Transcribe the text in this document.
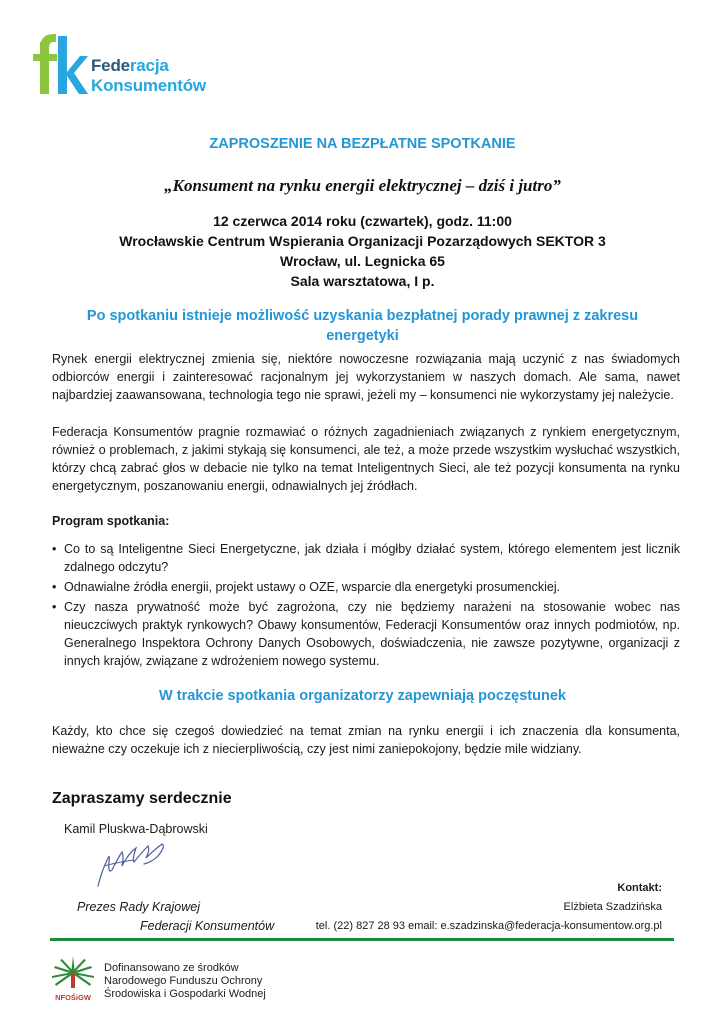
Federacja
Konsumentów
ZAPROSZENIE NA BEZPŁATNE SPOTKANIE
„Konsument na rynku energii elektrycznej – dziś i jutro”
12 czerwca 2014 roku (czwartek), godz. 11:00
Wrocławskie Centrum Wspierania Organizacji Pozarządowych SEKTOR 3
Wrocław, ul. Legnicka 65
Sala warsztatowa, I p.
Po spotkaniu istnieje możliwość uzyskania bezpłatnej porady prawnej z zakresu energetyki
Rynek energii elektrycznej zmienia się, niektóre nowoczesne rozwiązania mają uczynić z nas świadomych odbiorców energii i zainteresować racjonalnym jej wykorzystaniem w naszych domach. Ale sama, nawet najbardziej zaawansowana, technologia tego nie sprawi, jeżeli my – konsumenci nie wykorzystamy jej należycie.
Federacja Konsumentów pragnie rozmawiać o różnych zagadnieniach związanych z rynkiem energetycznym, również o problemach, z jakimi stykają się konsumenci, ale też, a może przede wszystkim wysłuchać wszystkich, którzy chcą zabrać głos w debacie nie tylko na temat Inteligentnych Sieci, ale też pozycji konsumenta na rynku energetycznym, poszanowaniu energii, odnawialnych jej źródłach.
Program spotkania:
• Co to są Inteligentne Sieci Energetyczne, jak działa i mógłby działać system, którego elementem jest licznik zdalnego odczytu?
• Odnawialne źródła energii, projekt ustawy o OZE, wsparcie dla energetyki prosumenckiej.
• Czy nasza prywatność może być zagrożona, czy nie będziemy narażeni na stosowanie wobec nas nieuczciwych praktyk rynkowych? Obawy konsumentów, Federacji Konsumentów oraz innych podmiotów, np. Generalnego Inspektora Ochrony Danych Osobowych, doświadczenia, nie zawsze pozytywne, organizacji z innych krajów, związane z wdrożeniem nowego systemu.
W trakcie spotkania organizatorzy zapewniają poczęstunek
Każdy, kto chce się czegoś dowiedzieć na temat zmian na rynku energii i ich znaczenia dla konsumenta, nieważne czy oczekuje ich z niecierpliwością, czy jest nimi zaniepokojony, będzie mile widziany.
Zapraszamy serdecznie
Kamil Pluskwa-Dąbrowski
Prezes Rady Krajowej
Federacji Konsumentów
Kontakt:
Elżbieta Szadzińska
tel. (22) 827 28 93 email: e.szadzinska@federacja-konsumentow.org.pl
NFOŚiGW
Dofinansowano ze środków
Narodowego Funduszu Ochrony
Środowiska i Gospodarki Wodnej
